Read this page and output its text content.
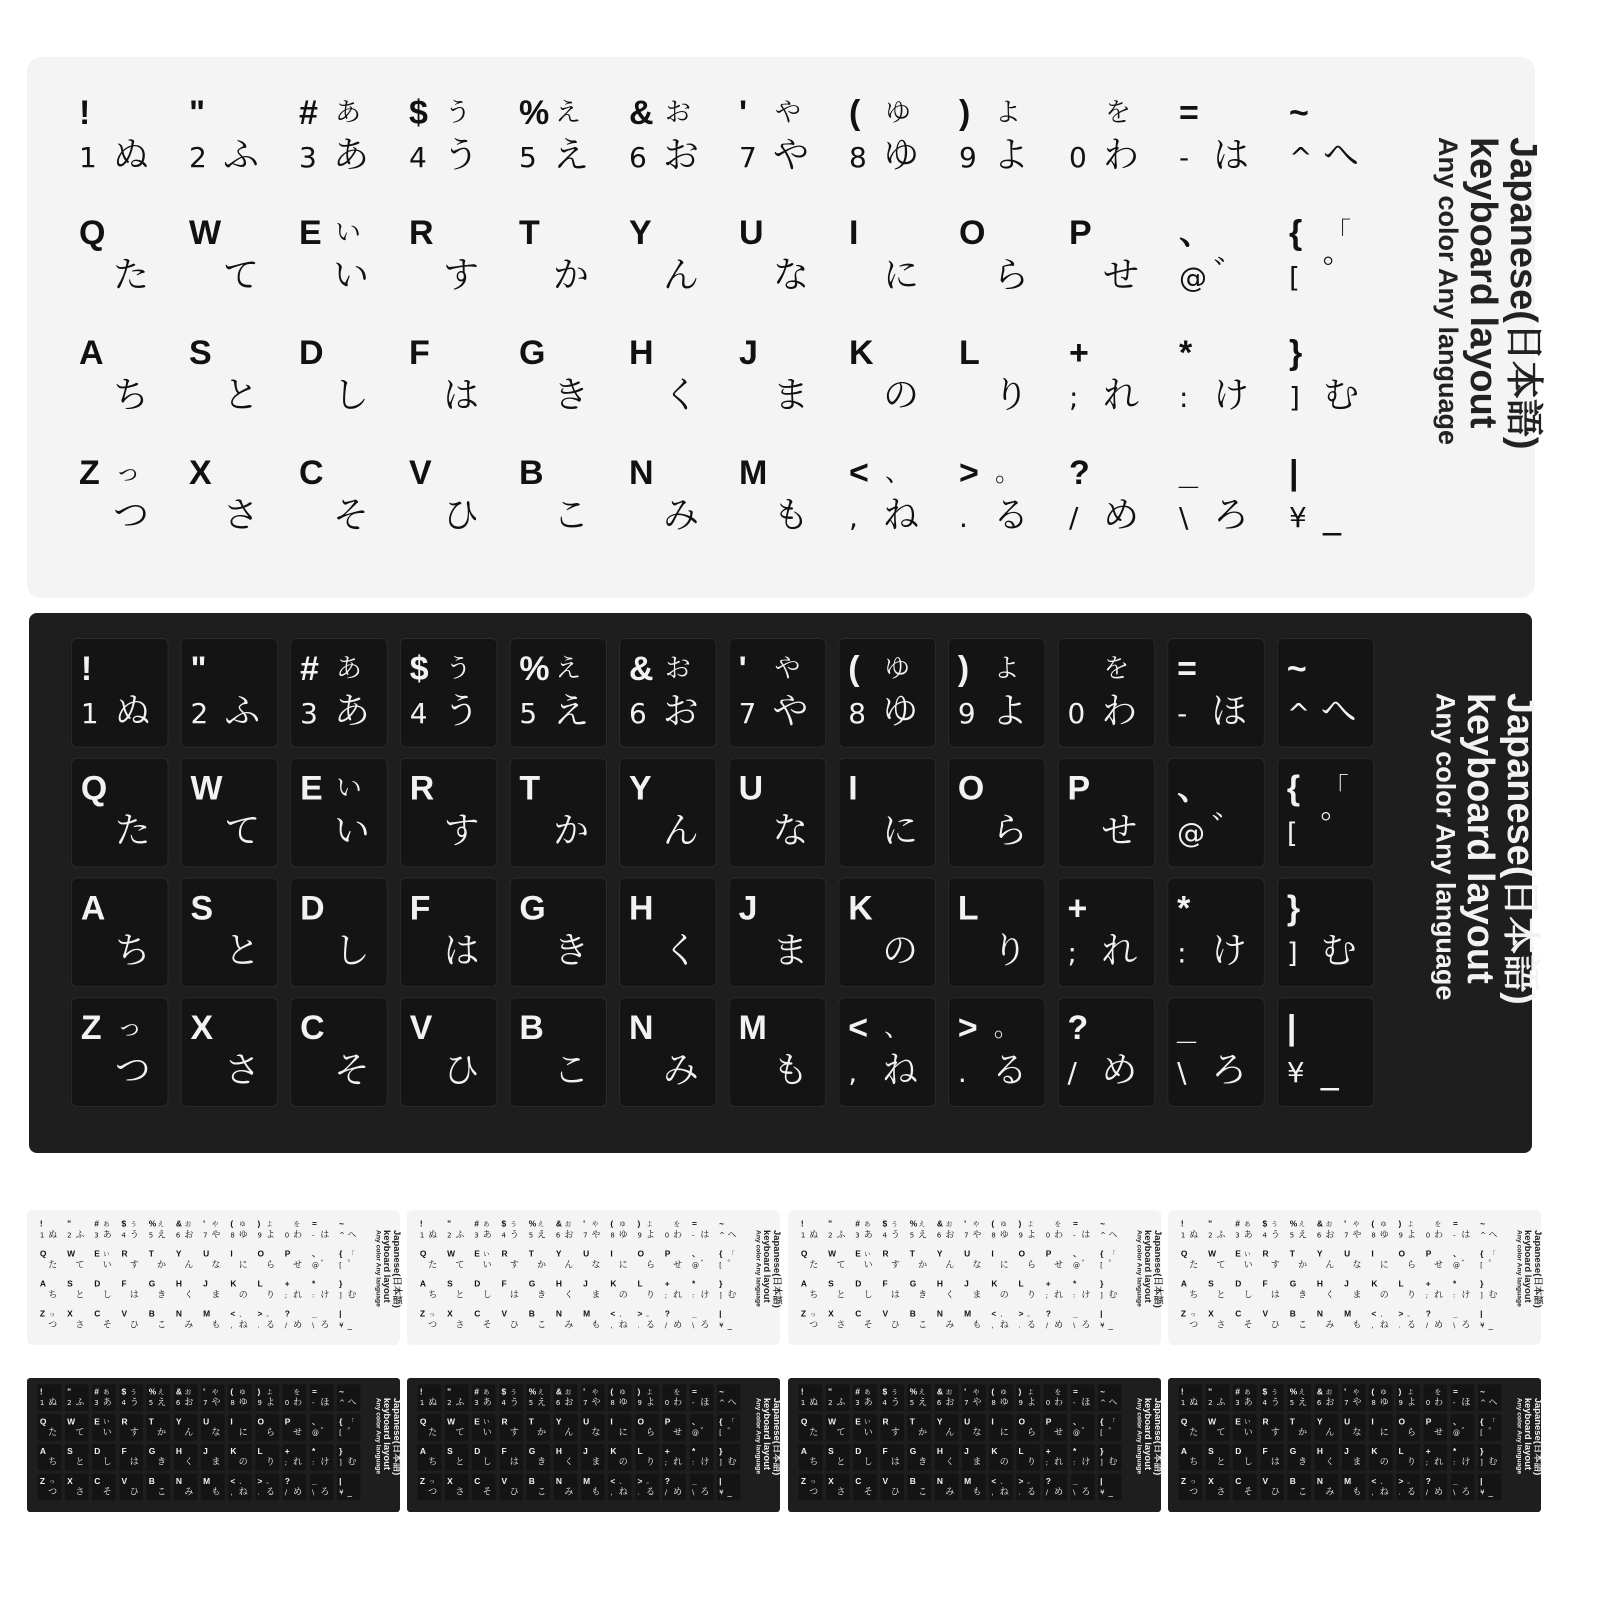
!
1 ぬ
"
2 ふ
# あ
3 あ
$ う
4 う
% え
5 え
& お
6 お
' や
7 や
( ゆ
8 ゆ
) よ
9 よ
を
0 わ
=
- は
~
^ へ
Q
た
W
て
E い
い
R
す
T
か
Y
ん
U
な
I
に
O
ら
P
せ
、
@ ゛
{ 「
[ ゜
A
ち
S
と
D
し
F
は
G
き
H
く
J
ま
K
の
L
り
+
; れ
*
: け
}
] む
Z っ
つ
X
さ
C
そ
V
ひ
B
こ
N
み
M
も
< 、
, ね
> 。
. る
?
/ め
_
\ ろ
|
¥ _
Japanese(日本語)
keyboard layout
Any color Any language
!
1 ぬ
"
2 ふ
# あ
3 あ
$ う
4 う
% え
5 え
& お
6 お
' や
7 や
( ゆ
8 ゆ
) よ
9 よ
を
0 わ
=
- ほ
~
^ へ
Q
た
W
て
E い
い
R
す
T
か
Y
ん
U
な
I
に
O
ら
P
せ
、
@ ゛
{ 「
[ ゜
A
ち
S
と
D
し
F
は
G
き
H
く
J
ま
K
の
L
り
+
; れ
*
: け
}
] む
Z っ
つ
X
さ
C
そ
V
ひ
B
こ
N
み
M
も
< 、
, ね
> 。
. る
?
/ め
_
\ ろ
|
¥ _
Japanese(日本語)
keyboard layout
Any color Any language
!
1 ぬ
"
2 ふ
# あ
3 あ
$ う
4 う
% え
5 え
& お
6 お
' や
7 や
( ゆ
8 ゆ
) よ
9 よ
を
0 わ
=
- は
~
^ へ
Q
た
W
て
E い
い
R
す
T
か
Y
ん
U
な
I
に
O
ら
P
せ
、
@ ゛
{ 「
[ ゜
A
ち
S
と
D
し
F
は
G
き
H
く
J
ま
K
の
L
り
+
; れ
*
: け
}
] む
Z っ
つ
X
さ
C
そ
V
ひ
B
こ
N
み
M
も
< 、
, ね
> 。
. る
?
/ め
_
\ ろ
|
¥ _
Japanese(日本語)
keyboard layout
Any color Any language
!
1 ぬ
"
2 ふ
# あ
3 あ
$ う
4 う
% え
5 え
& お
6 お
' や
7 や
( ゆ
8 ゆ
) よ
9 よ
を
0 わ
=
- は
~
^ へ
Q
た
W
て
E い
い
R
す
T
か
Y
ん
U
な
I
に
O
ら
P
せ
、
@ ゛
{ 「
[ ゜
A
ち
S
と
D
し
F
は
G
き
H
く
J
ま
K
の
L
り
+
; れ
*
: け
}
] む
Z っ
つ
X
さ
C
そ
V
ひ
B
こ
N
み
M
も
< 、
, ね
> 。
. る
?
/ め
_
\ ろ
|
¥ _
Japanese(日本語)
keyboard layout
Any color Any language
!
1 ぬ
"
2 ふ
# あ
3 あ
$ う
4 う
% え
5 え
& お
6 お
' や
7 や
( ゆ
8 ゆ
) よ
9 よ
を
0 わ
=
- は
~
^ へ
Q
た
W
て
E い
い
R
す
T
か
Y
ん
U
な
I
に
O
ら
P
せ
、
@ ゛
{ 「
[ ゜
A
ち
S
と
D
し
F
は
G
き
H
く
J
ま
K
の
L
り
+
; れ
*
: け
}
] む
Z っ
つ
X
さ
C
そ
V
ひ
B
こ
N
み
M
も
< 、
, ね
> 。
. る
?
/ め
_
\ ろ
|
¥ _
Japanese(日本語)
keyboard layout
Any color Any language
!
1 ぬ
"
2 ふ
# あ
3 あ
$ う
4 う
% え
5 え
& お
6 お
' や
7 や
( ゆ
8 ゆ
) よ
9 よ
を
0 わ
=
- は
~
^ へ
Q
た
W
て
E い
い
R
す
T
か
Y
ん
U
な
I
に
O
ら
P
せ
、
@ ゛
{ 「
[ ゜
A
ち
S
と
D
し
F
は
G
き
H
く
J
ま
K
の
L
り
+
; れ
*
: け
}
] む
Z っ
つ
X
さ
C
そ
V
ひ
B
こ
N
み
M
も
< 、
, ね
> 。
. る
?
/ め
_
\ ろ
|
¥ _
Japanese(日本語)
keyboard layout
Any color Any language
!
1 ぬ
"
2 ふ
# あ
3 あ
$ う
4 う
% え
5 え
& お
6 お
' や
7 や
( ゆ
8 ゆ
) よ
9 よ
を
0 わ
=
- ほ
~
^ へ
Q
た
W
て
E い
い
R
す
T
か
Y
ん
U
な
I
に
O
ら
P
せ
、
@ ゛
{ 「
[ ゜
A
ち
S
と
D
し
F
は
G
き
H
く
J
ま
K
の
L
り
+
; れ
*
: け
}
] む
Z っ
つ
X
さ
C
そ
V
ひ
B
こ
N
み
M
も
< 、
, ね
> 。
. る
?
/ め
_
\ ろ
|
¥ _
Japanese(日本語)
keyboard layout
Any color Any language
!
1 ぬ
"
2 ふ
# あ
3 あ
$ う
4 う
% え
5 え
& お
6 お
' や
7 や
( ゆ
8 ゆ
) よ
9 よ
を
0 わ
=
- ほ
~
^ へ
Q
た
W
て
E い
い
R
す
T
か
Y
ん
U
な
I
に
O
ら
P
せ
、
@ ゛
{ 「
[ ゜
A
ち
S
と
D
し
F
は
G
き
H
く
J
ま
K
の
L
り
+
; れ
*
: け
}
] む
Z っ
つ
X
さ
C
そ
V
ひ
B
こ
N
み
M
も
< 、
, ね
> 。
. る
?
/ め
_
\ ろ
|
¥ _
Japanese(日本語)
keyboard layout
Any color Any language
!
1 ぬ
"
2 ふ
# あ
3 あ
$ う
4 う
% え
5 え
& お
6 お
' や
7 や
( ゆ
8 ゆ
) よ
9 よ
を
0 わ
=
- ほ
~
^ へ
Q
た
W
て
E い
い
R
す
T
か
Y
ん
U
な
I
に
O
ら
P
せ
、
@ ゛
{ 「
[ ゜
A
ち
S
と
D
し
F
は
G
き
H
く
J
ま
K
の
L
り
+
; れ
*
: け
}
] む
Z っ
つ
X
さ
C
そ
V
ひ
B
こ
N
み
M
も
< 、
, ね
> 。
. る
?
/ め
_
\ ろ
|
¥ _
Japanese(日本語)
keyboard layout
Any color Any language
!
1 ぬ
"
2 ふ
# あ
3 あ
$ う
4 う
% え
5 え
& お
6 お
' や
7 や
( ゆ
8 ゆ
) よ
9 よ
を
0 わ
=
- ほ
~
^ へ
Q
た
W
て
E い
い
R
す
T
か
Y
ん
U
な
I
に
O
ら
P
せ
、
@ ゛
{ 「
[ ゜
A
ち
S
と
D
し
F
は
G
き
H
く
J
ま
K
の
L
り
+
; れ
*
: け
}
] む
Z っ
つ
X
さ
C
そ
V
ひ
B
こ
N
み
M
も
< 、
, ね
> 。
. る
?
/ め
_
\ ろ
|
¥ _
Japanese(日本語)
keyboard layout
Any color Any language
